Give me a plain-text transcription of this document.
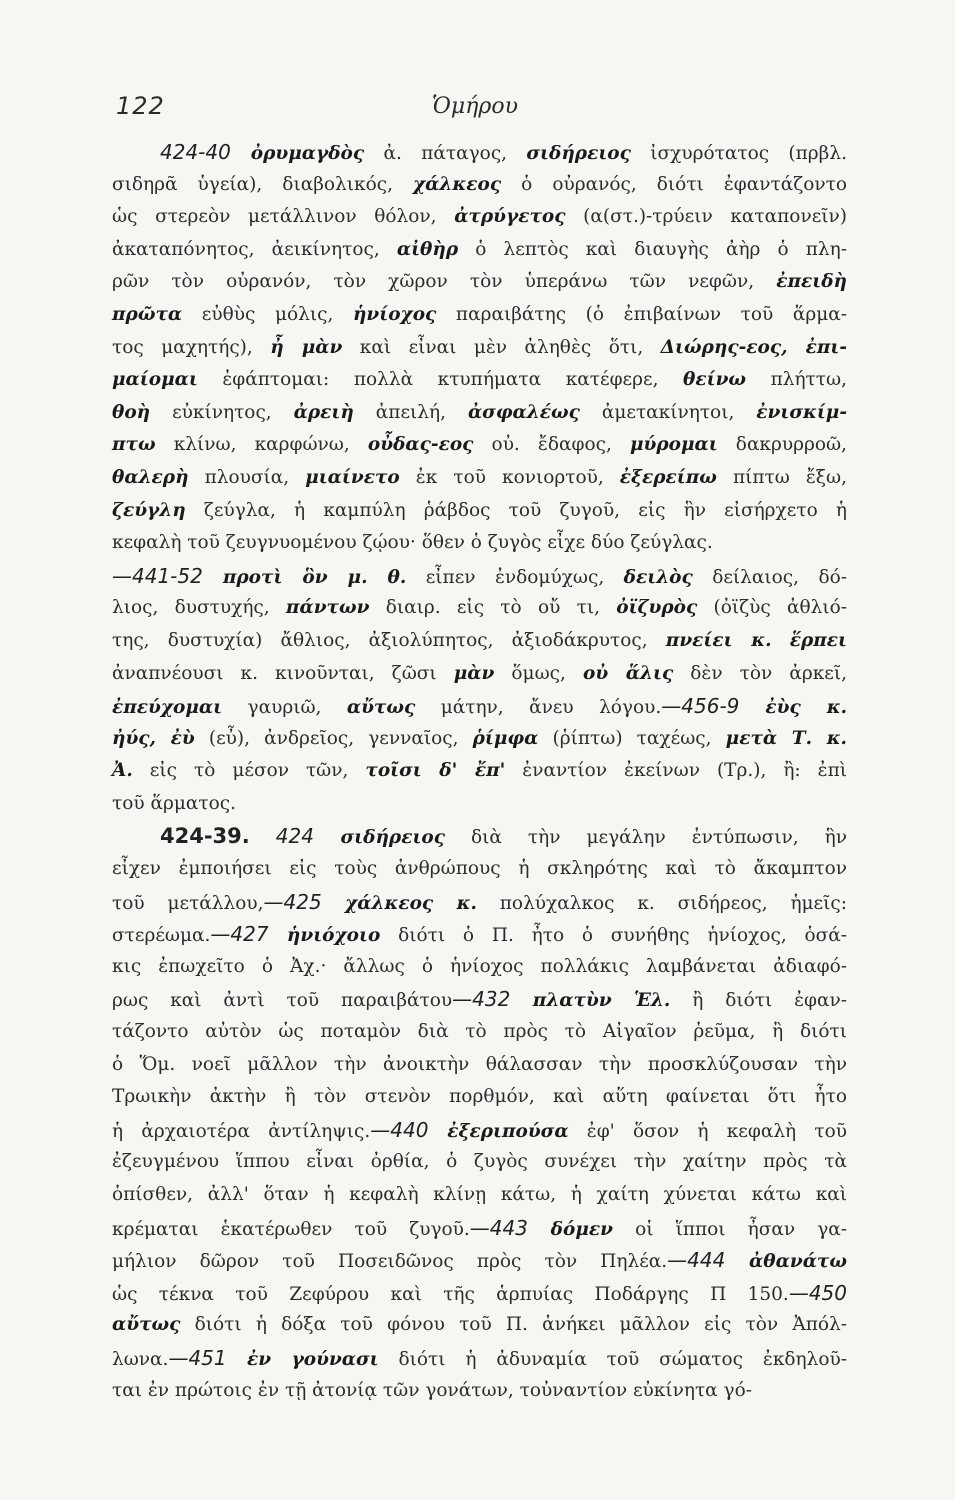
122	Ὁμήρου
424-40 ὀρυμαγδὸς ἀ. πάταγος, σιδήρειος ἰσχυρότατος (πρβλ.
σιδηρᾶ ὑγεία), διαβολικός, χάλκεος ὁ οὐρανός, διότι ἐφαντάζοντο
ὡς στερεὸν μετάλλινον θόλον, ἀτρύγετος (α(στ.)-τρύειν καταπονεῖν)
ἀκαταπόνητος, ἀεικίνητος, αἰθὴρ ὁ λεπτὸς καὶ διαυγὴς ἀὴρ ὁ πλη-
ρῶν τὸν οὐρανόν, τὸν χῶρον τὸν ὑπεράνω τῶν νεφῶν, ἐπειδὴ
πρῶτα εὐθὺς μόλις, ἡνίοχος παραιβάτης (ὁ ἐπιβαίνων τοῦ ἅρμα-
τος μαχητής), ἦ μὰν καὶ εἶναι μὲν ἀληθὲς ὅτι, Διώρης-εος, ἐπι-
μαίομαι ἐφάπτομαι: πολλὰ κτυπήματα κατέφερε, θείνω πλήττω,
θοὴ εὐκίνητος, ἀρειὴ ἀπειλή, ἀσφαλέως ἀμετακίνητοι, ἐνισκίμ-
πτω κλίνω, καρφώνω, οὖδας-εος οὐ. ἔδαφος, μύρομαι δακρυρροῶ,
θαλερὴ πλουσία, μιαίνετο ἐκ τοῦ κονιορτοῦ, ἐξερείπω πίπτω ἔξω,
ζεύγλη ζεύγλα, ἡ καμπύλη ῥάβδος τοῦ ζυγοῦ, εἰς ἣν εἰσήρχετο ἡ
κεφαλὴ τοῦ ζευγνυομένου ζῴου· ὅθεν ὁ ζυγὸς εἶχε δύο ζεύγλας.
—441-52 προτὶ ὃν μ. θ. εἶπεν ἐνδομύχως, δειλὸς δείλαιος, δό-
λιος, δυστυχής, πάντων διαιρ. εἰς τὸ οὔ τι, ὀϊζυρὸς (ὀϊζὺς ἀθλιό-
της, δυστυχία) ἄθλιος, ἀξιολύπητος, ἀξιοδάκρυτος, πνείει κ. ἕρπει
ἀναπνέουσι κ. κινοῦνται, ζῶσι μὰν ὅμως, οὐ ἅλις δὲν τὸν ἀρκεῖ,
ἐπεύχομαι γαυριῶ, αὔτως μάτην, ἄνευ λόγου.—456-9 ἐὺς κ.
ἠύς, ἐὺ (εὖ), ἀνδρεῖος, γενναῖος, ῥίμφα (ῥίπτω) ταχέως, μετὰ Τ. κ.
Ἀ. εἰς τὸ μέσον τῶν, τοῖσι δ' ἔπ' ἐναντίον ἐκείνων (Τρ.), ἢ: ἐπὶ
τοῦ ἅρματος.
424-39. 424 σιδήρειος διὰ τὴν μεγάλην ἐντύπωσιν, ἣν
εἶχεν ἐμποιήσει εἰς τοὺς ἀνθρώπους ἡ σκληρότης καὶ τὸ ἄκαμπτον
τοῦ μετάλλου,—425 χάλκεος κ. πολύχαλκος κ. σιδήρεος, ἡμεῖς:
στερέωμα.—427 ἡνιόχοιο διότι ὁ Π. ἦτο ὁ συνήθης ἡνίοχος, ὁσά-
κις ἐπωχεῖτο ὁ Ἀχ.· ἄλλως ὁ ἡνίοχος πολλάκις λαμβάνεται ἀδιαφό-
ρως καὶ ἀντὶ τοῦ παραιβάτου—432 πλατὺν Ἑλ. ἢ διότι ἐφαν-
τάζοντο αὐτὸν ὡς ποταμὸν διὰ τὸ πρὸς τὸ Αἰγαῖον ῥεῦμα, ἢ διότι
ὁ Ὅμ. νοεῖ μᾶλλον τὴν ἀνοικτὴν θάλασσαν τὴν προσκλύζουσαν τὴν
Τρωικὴν ἀκτὴν ἢ τὸν στενὸν πορθμόν, καὶ αὕτη φαίνεται ὅτι ἦτο
ἡ ἀρχαιοτέρα ἀντίληψις.—440 ἐξεριπούσα ἐφ' ὅσον ἡ κεφαλὴ τοῦ
ἐζευγμένου ἵππου εἶναι ὀρθία, ὁ ζυγὸς συνέχει τὴν χαίτην πρὸς τὰ
ὀπίσθεν, ἀλλ' ὅταν ἡ κεφαλὴ κλίνῃ κάτω, ἡ χαίτη χύνεται κάτω καὶ
κρέμαται ἑκατέρωθεν τοῦ ζυγοῦ.—443 δόμεν οἱ ἵπποι ἦσαν γα-
μήλιον δῶρον τοῦ Ποσειδῶνος πρὸς τὸν Πηλέα.—444 ἀθανάτω
ὡς τέκνα τοῦ Ζεφύρου καὶ τῆς ἁρπυίας Ποδάργης Π 150.—450
αὔτως διότι ἡ δόξα τοῦ φόνου τοῦ Π. ἀνήκει μᾶλλον εἰς τὸν Ἀπόλ-
λωνα.—451 ἐν γούνασι διότι ἡ ἀδυναμία τοῦ σώματος ἐκδηλοῦ-
ται ἐν πρώτοις ἐν τῇ ἀτονίᾳ τῶν γονάτων, τοὐναντίον εὐκίνητα γό-
